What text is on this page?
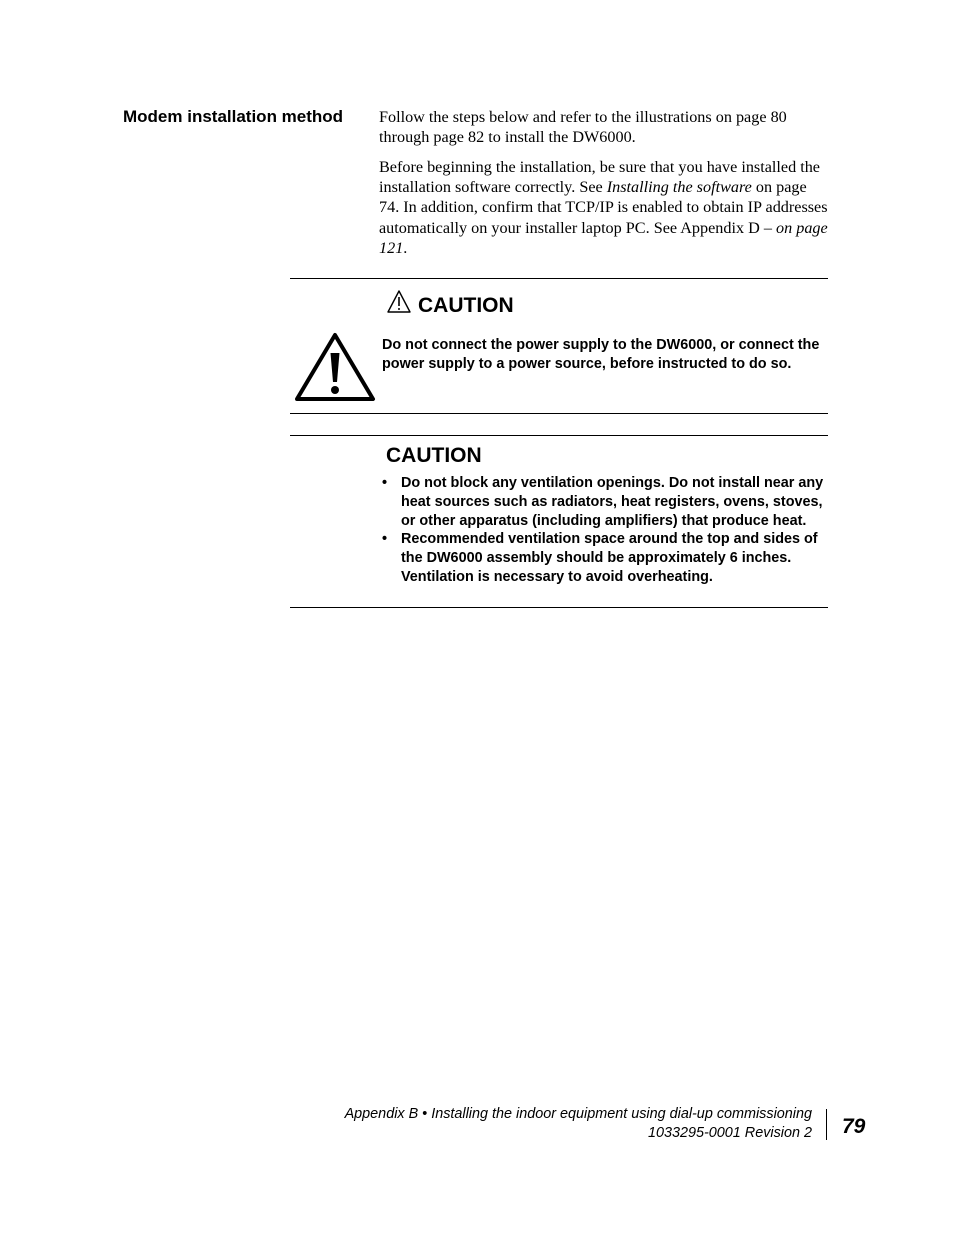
Modem installation method Follow the steps below and refer to the illustrations on page 80 through page 82 to install the DW6000.

Before beginning the installation, be sure that you have installed the installation software correctly. See Installing the software on page 74. In addition, confirm that TCP/IP is enabled to obtain IP addresses automatically on your installer laptop PC. See Appendix D – on page 121.

CAUTION

Do not connect the power supply to the DW6000, or connect the power supply to a power source, before instructed to do so.

CAUTION
• Do not block any ventilation openings. Do not install near any heat sources such as radiators, heat registers, ovens, stoves, or other apparatus (including amplifiers) that produce heat.
• Recommended ventilation space around the top and sides of the DW6000 assembly should be approximately 6 inches. Ventilation is necessary to avoid overheating.
Appendix B • Installing the indoor equipment using dial-up commissioning
1033295-0001 Revision 2 79
